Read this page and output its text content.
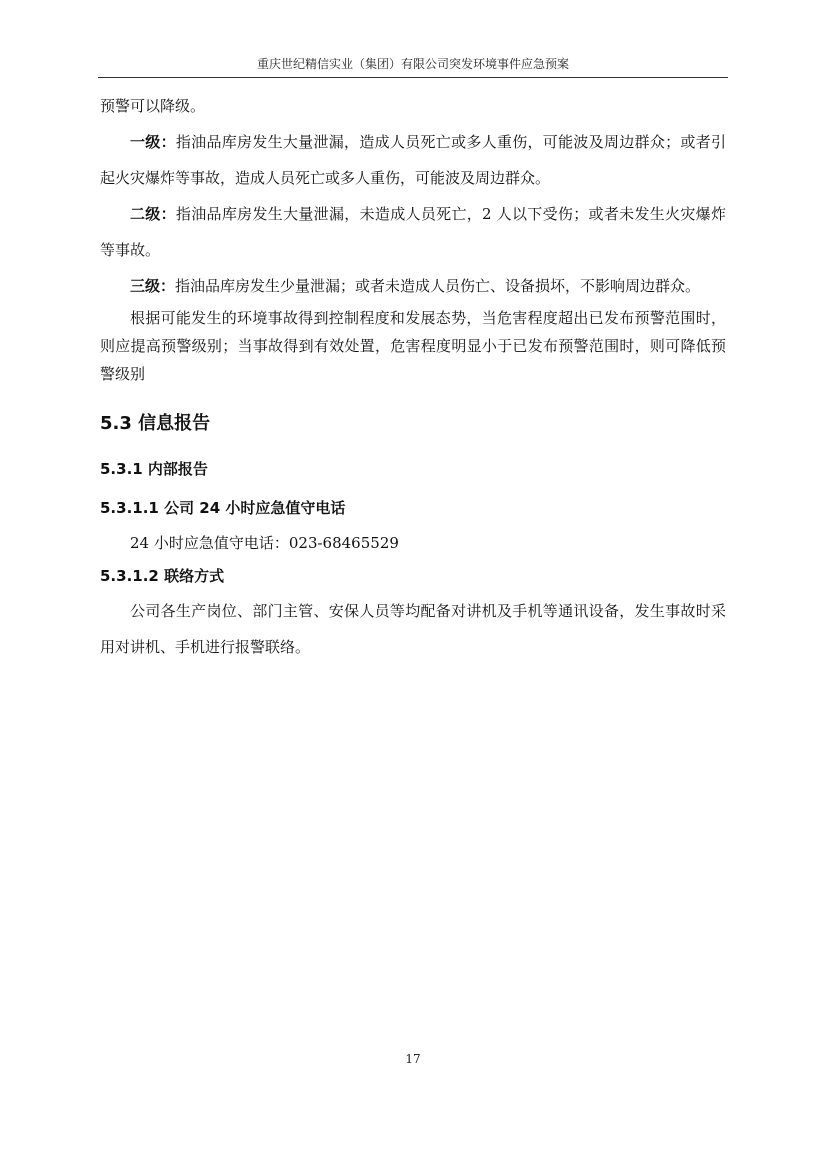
重庆世纪精信实业（集团）有限公司突发环境事件应急预案

预警可以降级。

一级：指油品库房发生大量泄漏，造成人员死亡或多人重伤，可能波及周边群众；或者引起火灾爆炸等事故，造成人员死亡或多人重伤，可能波及周边群众。

二级：指油品库房发生大量泄漏，未造成人员死亡，2 人以下受伤；或者未发生火灾爆炸等事故。

三级：指油品库房发生少量泄漏；或者未造成人员伤亡、设备损坏，不影响周边群众。

根据可能发生的环境事故得到控制程度和发展态势，当危害程度超出已发布预警范围时，则应提高预警级别；当事故得到有效处置，危害程度明显小于已发布预警范围时，则可降低预警级别

5.3 信息报告
5.3.1 内部报告
5.3.1.1 公司 24 小时应急值守电话

24 小时应急值守电话：023-68465529

5.3.1.2 联络方式

公司各生产岗位、部门主管、安保人员等均配备对讲机及手机等通讯设备，发生事故时采用对讲机、手机进行报警联络。

17
